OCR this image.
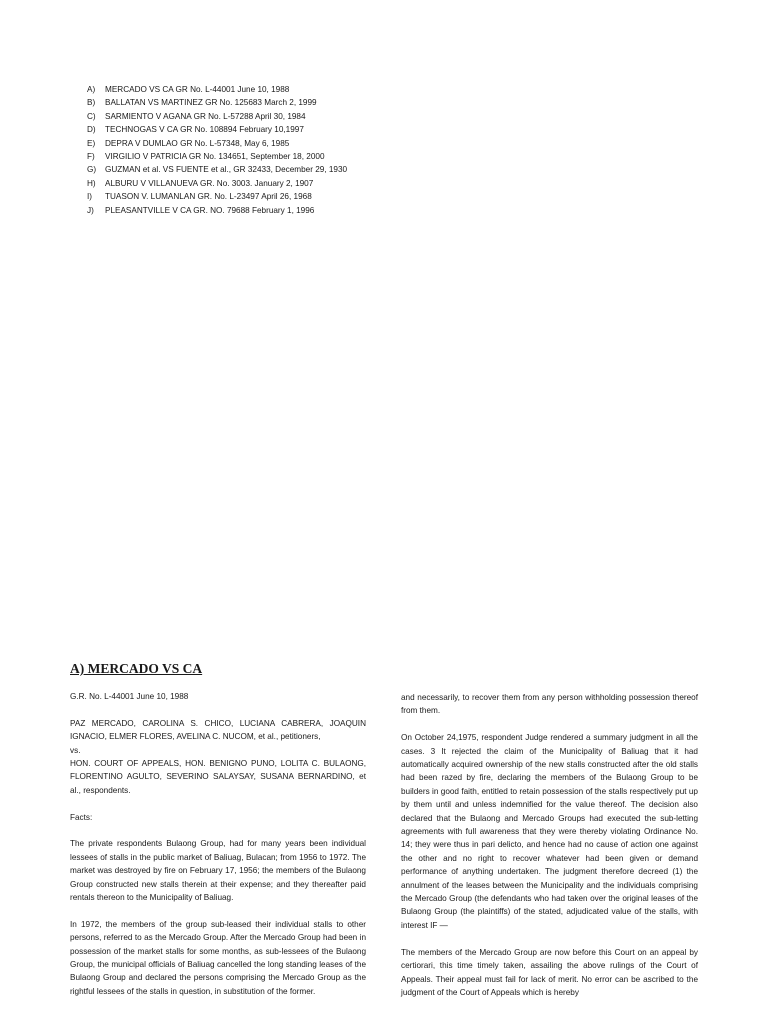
A)	MERCADO VS CA GR No. L-44001 June 10, 1988
B)	BALLATAN VS MARTINEZ GR No. 125683 March 2, 1999
C)	SARMIENTO V AGANA GR No. L-57288 April 30, 1984
D)	TECHNOGAS V CA GR No. 108894 February 10,1997
E)	DEPRA V DUMLAO GR No. L-57348, May 6, 1985
F)	VIRGILIO V PATRICIA GR No. 134651, September 18, 2000
G)	GUZMAN et al. VS FUENTE et al., GR 32433, December 29, 1930
H)	ALBURU V VILLANUEVA GR. No. 3003. January 2, 1907
I)	TUASON V. LUMANLAN GR. No. L-23497 April 26, 1968
J)	PLEASANTVILLE V CA GR. NO. 79688 February 1, 1996
A) MERCADO VS CA

G.R. No. L-44001 June 10, 1988

PAZ MERCADO, CAROLINA S. CHICO, LUCIANA CABRERA, JOAQUIN IGNACIO, ELMER FLORES, AVELINA C. NUCOM, et al., petitioners,

vs.

HON. COURT OF APPEALS, HON. BENIGNO PUNO, LOLITA C. BULAONG, FLORENTINO AGULTO, SEVERINO SALAYSAY, SUSANA BERNARDINO, et al., respondents.

Facts:

The private respondents Bulaong Group, had for many years been individual lessees of stalls in the public market of Baliuag, Bulacan; from 1956 to 1972. The market was destroyed by fire on February 17, 1956; the members of the Bulaong Group constructed new stalls therein at their expense; and they thereafter paid rentals thereon to the Municipality of Baliuag.

In 1972, the members of the group sub-leased their individual stalls to other persons, referred to as the Mercado Group. After the Mercado Group had been in possession of the market stalls for some months, as sub-lessees of the Bulaong Group, the municipal officials of Baliuag cancelled the long standing leases of the Bulaong Group and declared the persons comprising the Mercado Group as the rightful lessees of the stalls in question, in substitution of the former.

and necessarily, to recover them from any person withholding possession thereof from them.

On October 24,1975, respondent Judge rendered a summary judgment in all the cases. 3 It rejected the claim of the Municipality of Baliuag that it had automatically acquired ownership of the new stalls constructed after the old stalls had been razed by fire, declaring the members of the Bulaong Group to be builders in good faith, entitled to retain possession of the stalls respectively put up by them until and unless indemnified for the value thereof. The decision also declared that the Bulaong and Mercado Groups had executed the sub-letting agreements with full awareness that they were thereby violating Ordinance No. 14; they were thus in pari delicto, and hence had no cause of action one against the other and no right to recover whatever had been given or demand performance of anything undertaken. The judgment therefore decreed (1) the annulment of the leases between the Municipality and the individuals comprising the Mercado Group (the defendants who had taken over the original leases of the Bulaong Group (the plaintiffs) of the stated, adjudicated value of the stalls, with interest IF —

The members of the Mercado Group are now before this Court on an appeal by certiorari, this time timely taken, assailing the above rulings of the Court of Appeals. Their appeal must fail for lack of merit. No error can be ascribed to the judgment of the Court of Appeals which is hereby
